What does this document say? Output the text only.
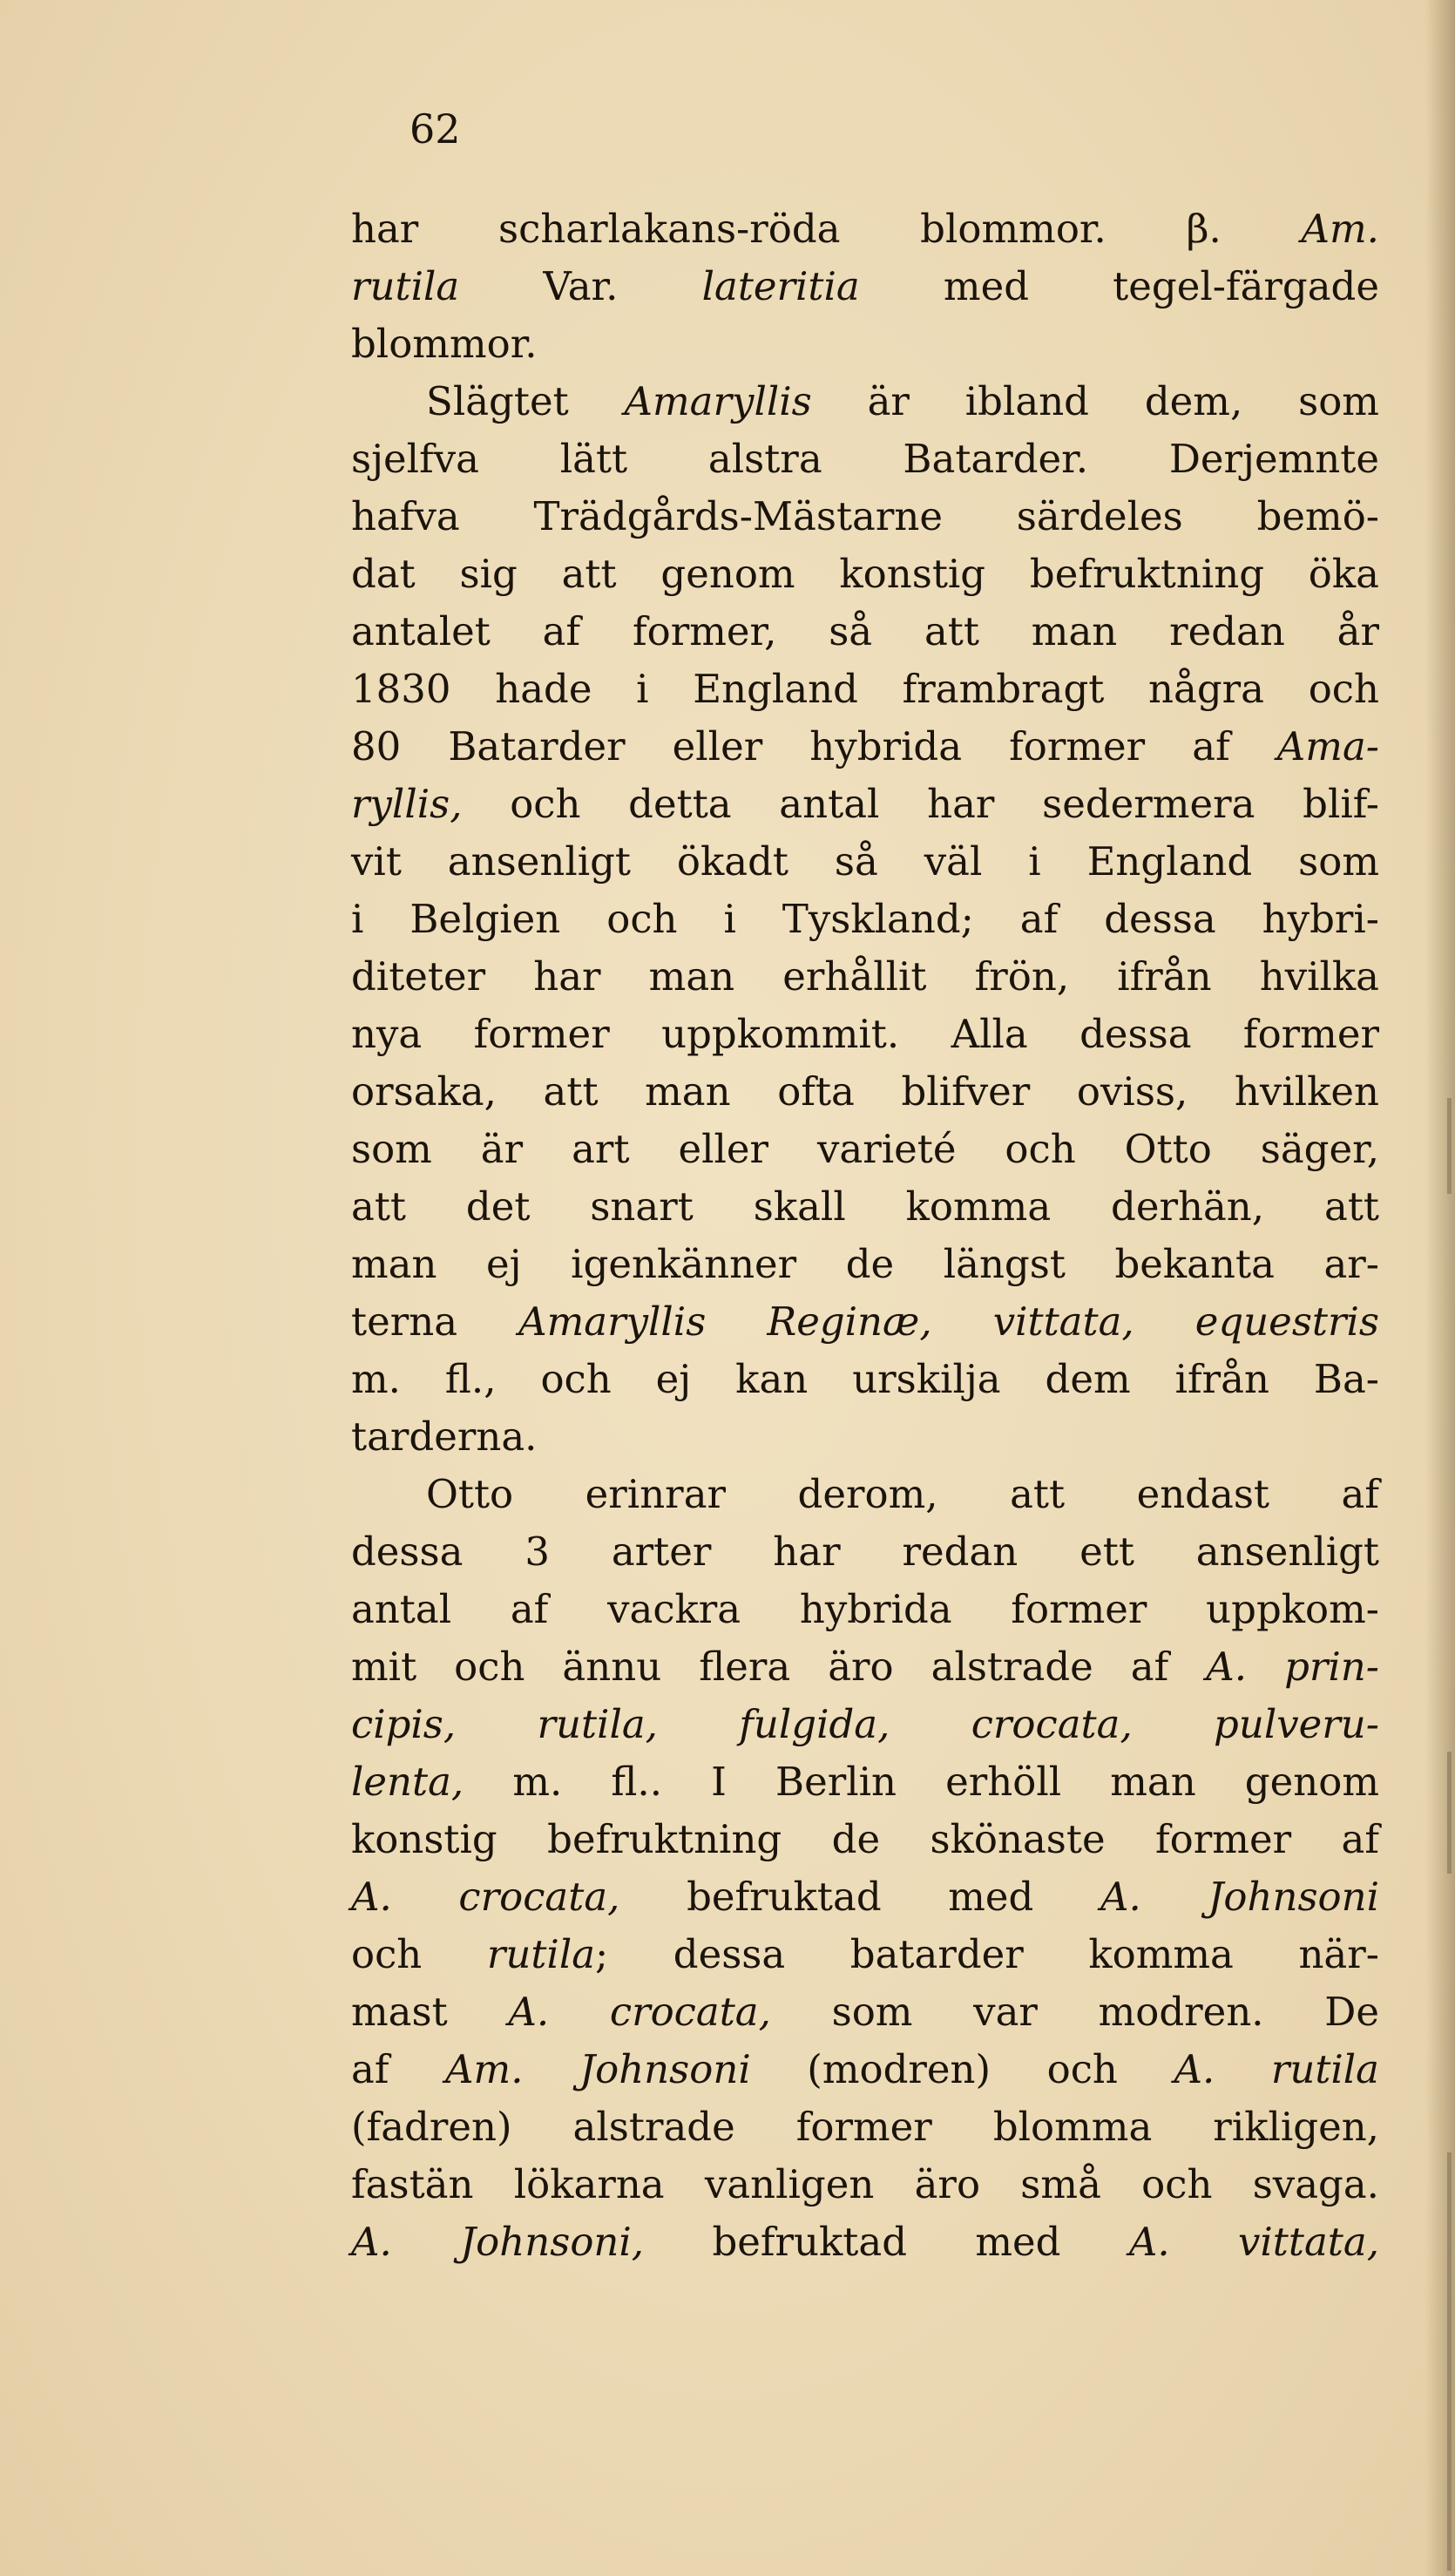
62
har scharlakans-röda blommor. β. Am.
rutila Var. lateritia med tegel-färgade
blommor.
Slägtet Amaryllis är ibland dem, som
sjelfva lätt alstra Batarder. Derjemnte
hafva Trädgårds-Mästarne särdeles bemö-
dat sig att genom konstig befruktning öka
antalet af former, så att man redan år
1830 hade i England frambragt några och
80 Batarder eller hybrida former af Ama-
ryllis, och detta antal har sedermera blif-
vit ansenligt ökadt så väl i England som
i Belgien och i Tyskland; af dessa hybri-
diteter har man erhållit frön, ifrån hvilka
nya former uppkommit. Alla dessa former
orsaka, att man ofta blifver oviss, hvilken
som är art eller varieté och Otto säger,
att det snart skall komma derhän, att
man ej igenkänner de längst bekanta ar-
terna Amaryllis Reginæ, vittata, equestris
m. fl., och ej kan urskilja dem ifrån Ba-
tarderna.
Otto erinrar derom, att endast af
dessa 3 arter har redan ett ansenligt
antal af vackra hybrida former uppkom-
mit och ännu flera äro alstrade af A. prin-
cipis, rutila, fulgida, crocata, pulveru-
lenta, m. fl.. I Berlin erhöll man genom
konstig befruktning de skönaste former af
A. crocata, befruktad med A. Johnsoni
och rutila; dessa batarder komma när-
mast A. crocata, som var modren. De
af Am. Johnsoni (modren) och A. rutila
(fadren) alstrade former blomma rikligen,
fastän lökarna vanligen äro små och svaga.
A. Johnsoni, befruktad med A. vittata,
